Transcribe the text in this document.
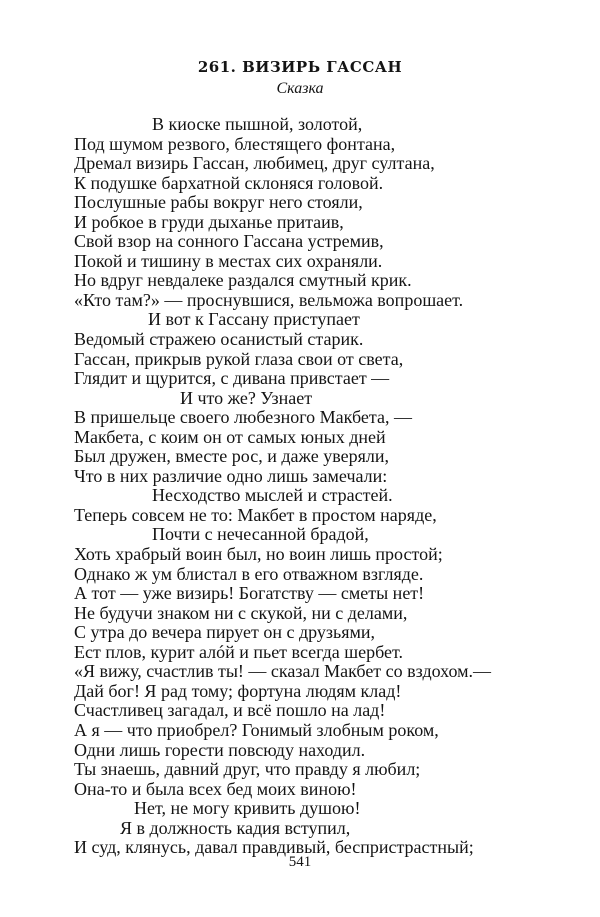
261. ВИЗИРЬ ГАССАН
Сказка
В киоске пышной, золотой,
Под шумом резвого, блестящего фонтана,
Дремал визирь Гассан, любимец, друг султана,
К подушке бархатной склоняся головой.
Послушные рабы вокруг него стояли,
И робкое в груди дыханье притаив,
Свой взор на сонного Гассана устремив,
Покой и тишину в местах сих охраняли.
Но вдруг невдалеке раздался смутный крик.
«Кто там?» — проснувшися, вельможа вопрошает.
И вот к Гассану приступает
Ведомый стражею осанистый старик.
Гассан, прикрыв рукой глаза свои от света,
Глядит и щурится, с дивана привстает —
И что же? Узнает
В пришельце своего любезного Макбета, —
Макбета, с коим он от самых юных дней
Был дружен, вместе рос, и даже уверяли,
Что в них различие одно лишь замечали:
Несходство мыслей и страстей.
Теперь совсем не то: Макбет в простом наряде,
Почти с нечесанной брадой,
Хоть храбрый воин был, но воин лишь простой;
Однако ж ум блистал в его отважном взгляде.
А тот — уже визирь! Богатству — сметы нет!
Не будучи знаком ни с скукой, ни с делами,
С утра до вечера пирует он с друзьями,
Ест плов, курит алóй и пьет всегда шербет.
«Я вижу, счастлив ты! — сказал Макбет со вздохом.—
Дай бог! Я рад тому; фортуна людям клад!
Счастливец загадал, и всё пошло на лад!
А я — что приобрел? Гонимый злобным роком,
Одни лишь горести повсюду находил.
Ты знаешь, давний друг, что правду я любил;
Она-то и была всех бед моих виною!
Нет, не могу кривить душою!
Я в должность кадия вступил,
И суд, клянусь, давал правдивый, беспристрастный;
541
